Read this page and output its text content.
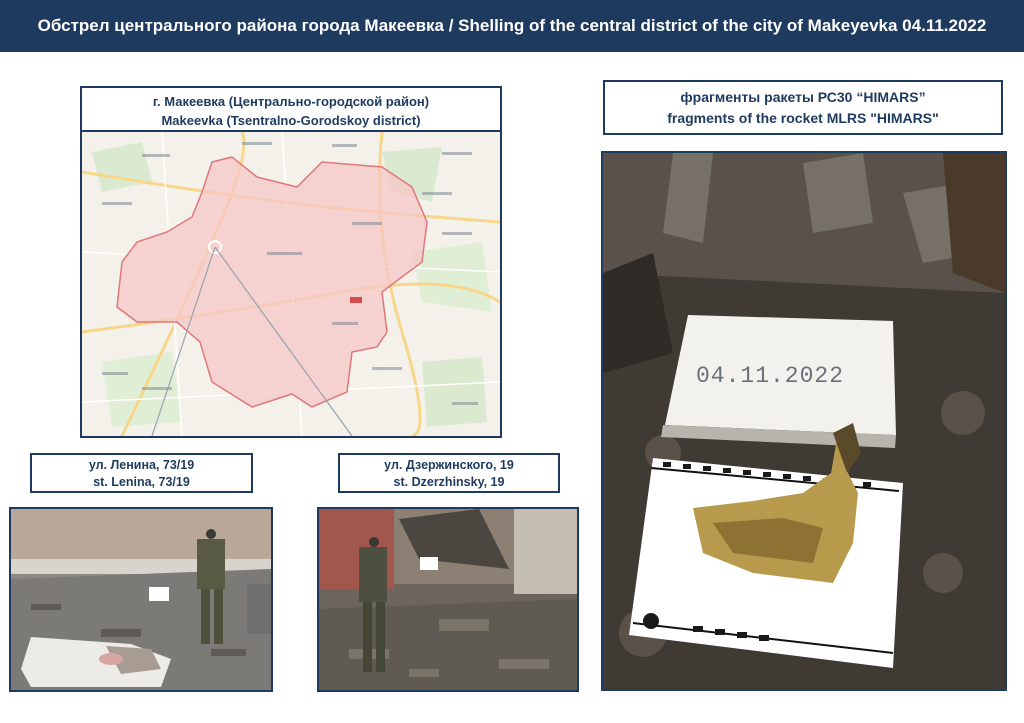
Обстрел центрального района города Макеевка / Shelling of the central district of the city of Makeyevka 04.11.2022
г. Макеевка (Центрально-городской район)
Makeevka (Tsentralno-Gorodskoy district)
ул. Ленина, 73/19
st. Lenina, 73/19
ул. Дзержинского, 19
st. Dzerzhinsky, 19
фрагменты ракеты РС30 “HIMARS”
fragments of the rocket MLRS "HIMARS"
04.11.2022
